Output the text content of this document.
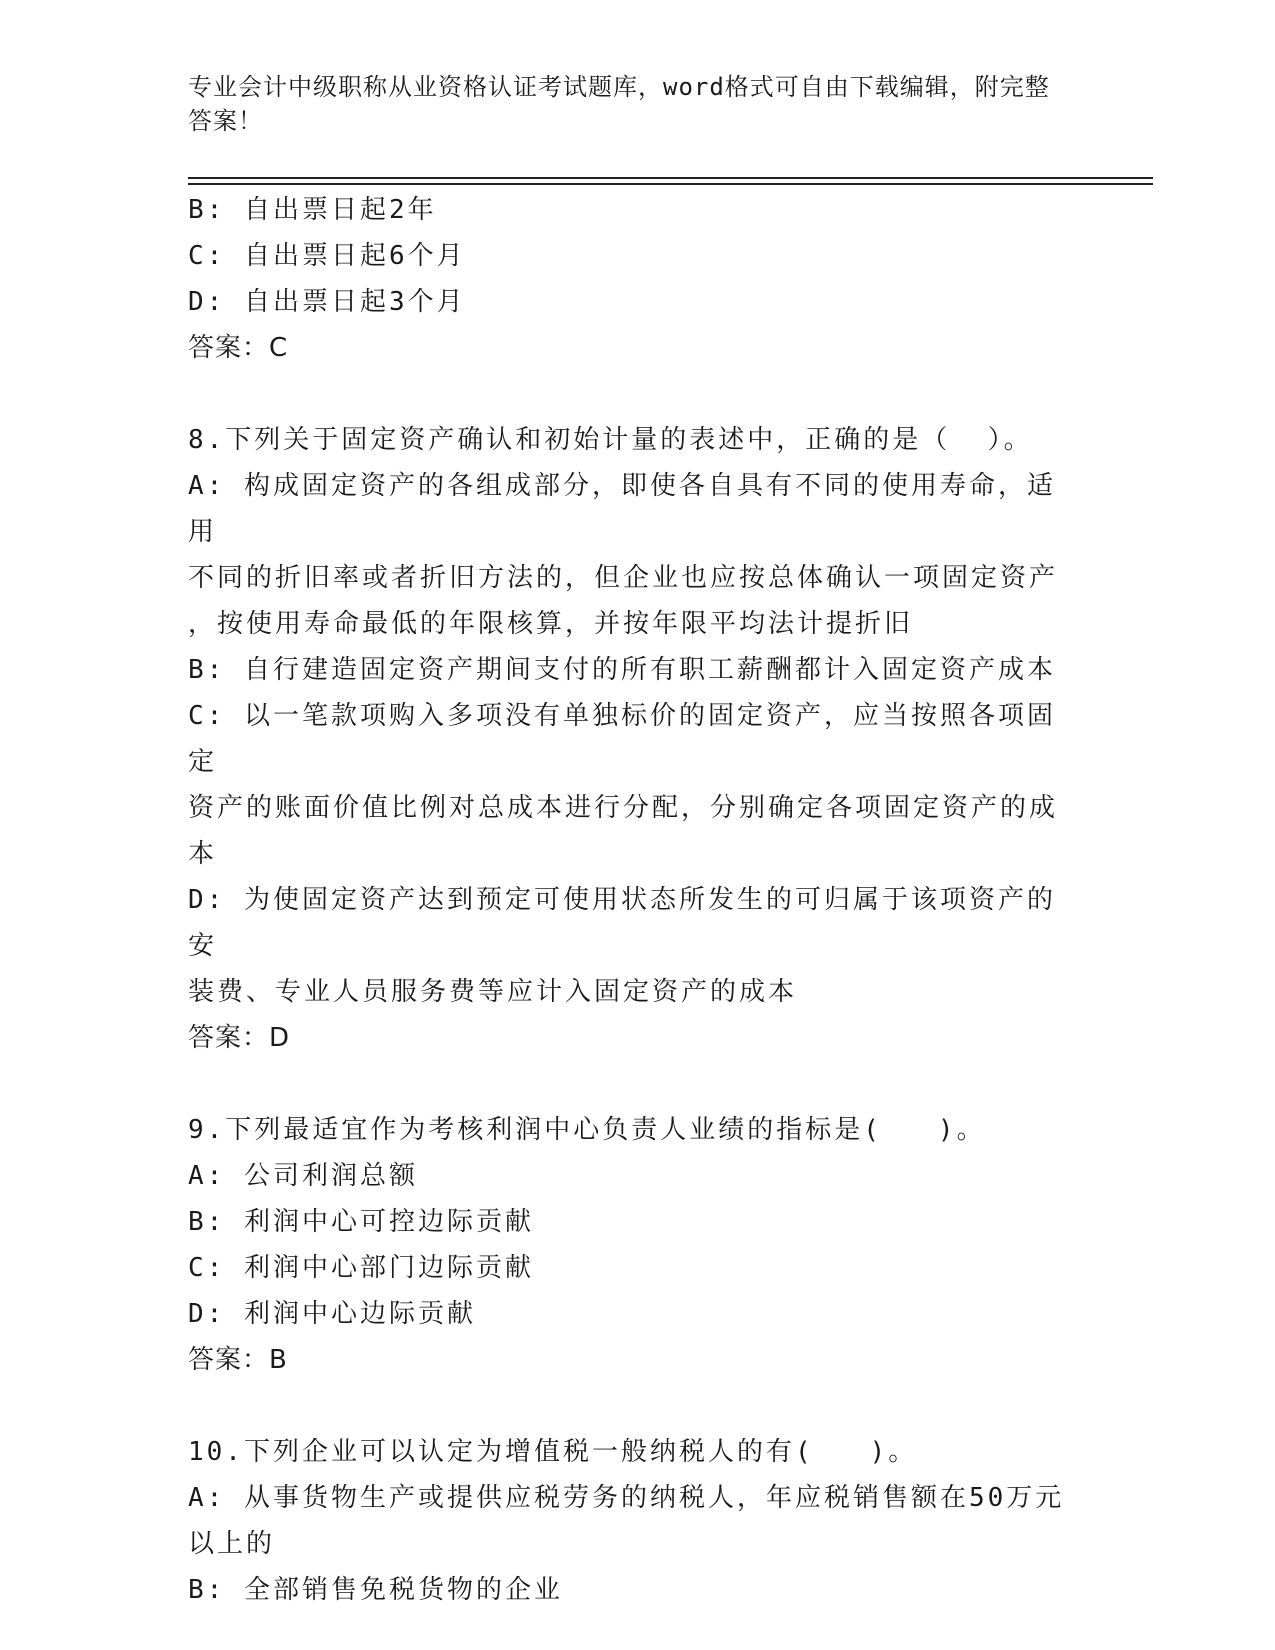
专业会计中级职称从业资格认证考试题库，word格式可自由下载编辑，附完整答案！
B: 自出票日起2年
C: 自出票日起6个月
D: 自出票日起3个月
答案：C
8.下列关于固定资产确认和初始计量的表述中，正确的是（  ）。
A: 构成固定资产的各组成部分，即使各自具有不同的使用寿命，适用
不同的折旧率或者折旧方法的，但企业也应按总体确认一项固定资产
，按使用寿命最低的年限核算，并按年限平均法计提折旧
B: 自行建造固定资产期间支付的所有职工薪酬都计入固定资产成本
C: 以一笔款项购入多项没有单独标价的固定资产，应当按照各项固定
资产的账面价值比例对总成本进行分配，分别确定各项固定资产的成
本
D: 为使固定资产达到预定可使用状态所发生的可归属于该项资产的安
装费、专业人员服务费等应计入固定资产的成本
答案：D
9.下列最适宜作为考核利润中心负责人业绩的指标是(   )。
A: 公司利润总额
B: 利润中心可控边际贡献
C: 利润中心部门边际贡献
D: 利润中心边际贡献
答案：B
10.下列企业可以认定为增值税一般纳税人的有(   )。
A: 从事货物生产或提供应税劳务的纳税人，年应税销售额在50万元
以上的
B: 全部销售免税货物的企业
